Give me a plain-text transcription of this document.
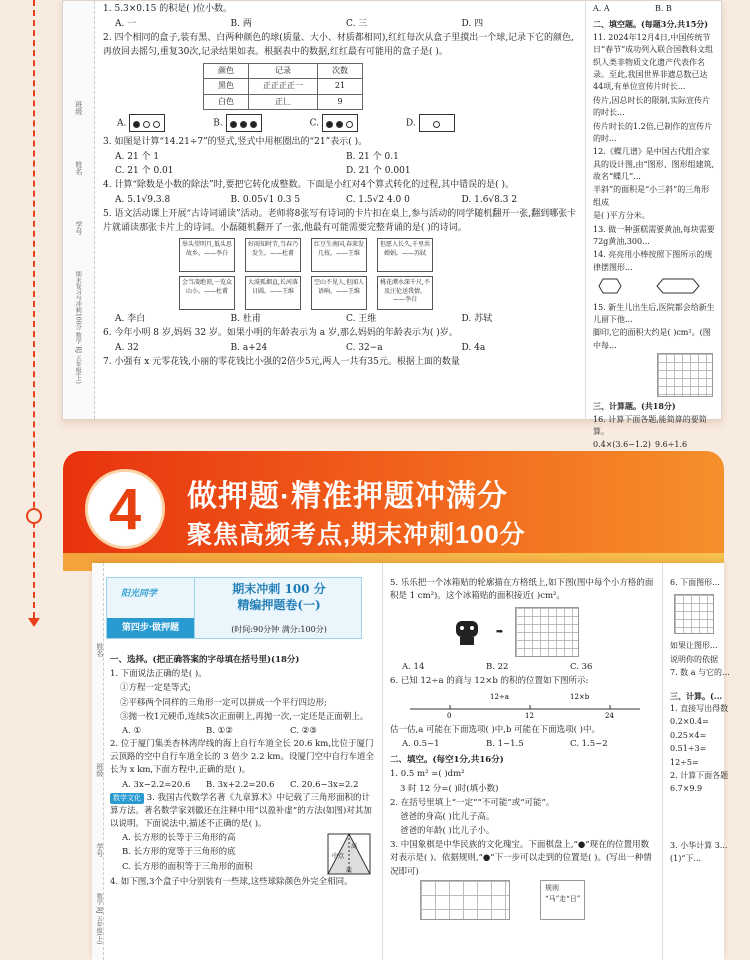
班级
姓名
学号
期末复习与冲刺100分 数学 RJ 五年级(上)

1. 5.3×0.15 的积是( )位小数。

A. 一	B. 两	C. 三	D. 四

2. 四个相同的盒子,装有黑、白两种颜色的球(质量、大小、材质都相同),红红每次从盒子里摸出一个球,记录下它的颜色,再放回去摇匀,重复30次,记录结果如表。根据表中的数据,红红最有可能用的盒子是( )。

颜色	记录	次数
黑色	正正正正一	21
白色	正𠃊	9
A.	B.	C.	D.

3. 如图是计算“14.21÷7”的竖式,竖式中用框圈出的“21”表示( )。

A. 21 个 1	B. 21 个 0.1
C. 21 个 0.01	D. 21 个 0.001

4. 计算“除数是小数的除法”时,要把它转化成整数。下面是小红对4个算式转化的过程,其中错误的是( )。

A. 5.1√9.3.8	B. 0.05√1 0.3 5	C. 1.5√2 4.0 0	D. 1.6√8.3 2

5. 语文活动课上开展“古诗词诵读”活动。老师将8张写有诗词的卡片扣在桌上,参与活动的同学随机翻开一张,翻到哪张卡片就诵读那张卡片上的诗词。小磊随机翻开了一张,他最有可能需要完整背诵的是( )的诗词。

举头望明月,低头思故乡。——李白
好雨知时节,当春乃发生。——杜甫
红豆生南国,春来发几枝。——王维
但愿人长久,千里共婵娟。——苏轼
会当凌绝顶,一览众山小。——杜甫
大漠孤烟直,长河落日圆。——王维
空山不见人,但闻人语响。——王维
桃花潭水深千尺,不及汪伦送我情。——李白
A. 李白	B. 杜甫	C. 王维	D. 苏轼

6. 今年小明 8 岁,妈妈 32 岁。如果小明的年龄表示为 a 岁,那么妈妈的年龄表示为( )岁。

A. 32	B. a+24	C. 32−a	D. 4a

7. 小强有 x 元零花钱,小丽的零花钱比小强的2倍少5元,两人一共有35元。根据上面的数量

A. A	B. B

二、填空题。(每题3分,共15分)

11. 2024年12月4日,中国传统节日“春节”成功列入联合国教科文组织人类非物质文化遗产代表作名录。至此,我国世界非遗总数已达44项,有单位宣传片时长...

传片,因总时长的限制,实际宣传片的时长...

传片时长的1.2倍,已制作的宣传片的时...

12.《蝶几谱》是中国古代组合家具的设计图,由“图形、图形组建筑,故名“蝶几”...

半斜”的面积是“小三斜”的三角形组成

是( )平方分米。

13. 做一种蛋糕需要黄油,每块需要72g黄油,300...

14. 亮亮用小棒按照下图所示的规律摆图形...

15. 新生儿出生后,医院都会给新生儿留下他...

脚印,它的面积大约是( )cm²。(图中每...

三、计算题。(共18分)

16. 计算下面各题,能简算的要简算。

0.4×(3.6−1.2) 9.6÷1.6
4	做押题·精准押题冲满分
聚焦高频考点,期末冲刺100分
姓名
班级
学号
数学 RJ 五年级(上)
阳光同学
第四步·做押题
期末冲刺 100 分
精编押题卷(一)
(时间:90分钟 满分:100分)

一、选择。(把正确答案的字母填在括号里)(18分)

1. 下面说法正确的是( )。

①方程一定是等式;

②平移两个同样的三角形一定可以拼成一个平行四边形;

③抛一枚1元硬币,连续5次正面朝上,再抛一次,一定还是正面朝上。

A. ①	B. ①②	C. ②③

2. 位于厦门集美杏林湾岸线的海上自行车道全长 20.6 km,比位于厦门云顶路的空中自行车道全长的 3 倍少 2.2 km。设厦门空中自行车道全长为 x km,下面方程中,正确的是( )。

A. 3x−2.2=20.6	B. 3x+2.2=20.6	C. 20.6−3x=2.2

数学文化 3. 我国古代数学名著《九章算术》中记载了三角形面积的计算方法。著名数学家刘徽还在注释中用“以盈补虚”的方法(如图)对其加以说明。下面说法中,描述不正确的是( )。

A. 长方形的长等于三角形的高

B. 长方形的宽等于三角形的底

C. 长方形的面积等于三角形的面积

高
中点
底

4. 如下图,3个盒子中分别装有一些球,这些球除颜色外完全相同。

5. 乐乐把一个冰箱贴的轮廓描在方格纸上,如下图(图中每个小方格的面积是 1 cm²)。这个冰箱贴的面积接近( )cm²。

➡
A. 14	B. 22	C. 36

6. 已知 12÷a 的商与 12×b 的积的位置如下图所示:

12÷a	12×b
0	12	24

估一估,a 可能在下面选项( )中,b 可能在下面选项( )中。

A. 0.5~1	B. 1~1.5	C. 1.5~2

二、填空。(每空1分,共16分)

1. 0.5 m² =( )dm²

3 时 12 分=( )时(填小数)

2. 在括号里填上“一定”“不可能”或“可能”。

爸爸的身高( )比儿子高。

爸爸的年龄( )比儿子小。

3. 中国象棋是中华民族的文化瑰宝。下面棋盘上,“●”现在的位置用数对表示是( )。依据规则,“●”下一步可以走到的位置是( )。(写出一种情况即可)

规则
“马”走“日”

6. 下面图形...

如果让图形...

说明你的依据

7. 数 a 与它的...

三、计算。(...

1. 直接写出得数

0.2×0.4=

0.25×4=

0.51÷3=

12÷5=

2. 计算下面各题

6.7×9.9

3. 小华计算 3...

(1)“下...
